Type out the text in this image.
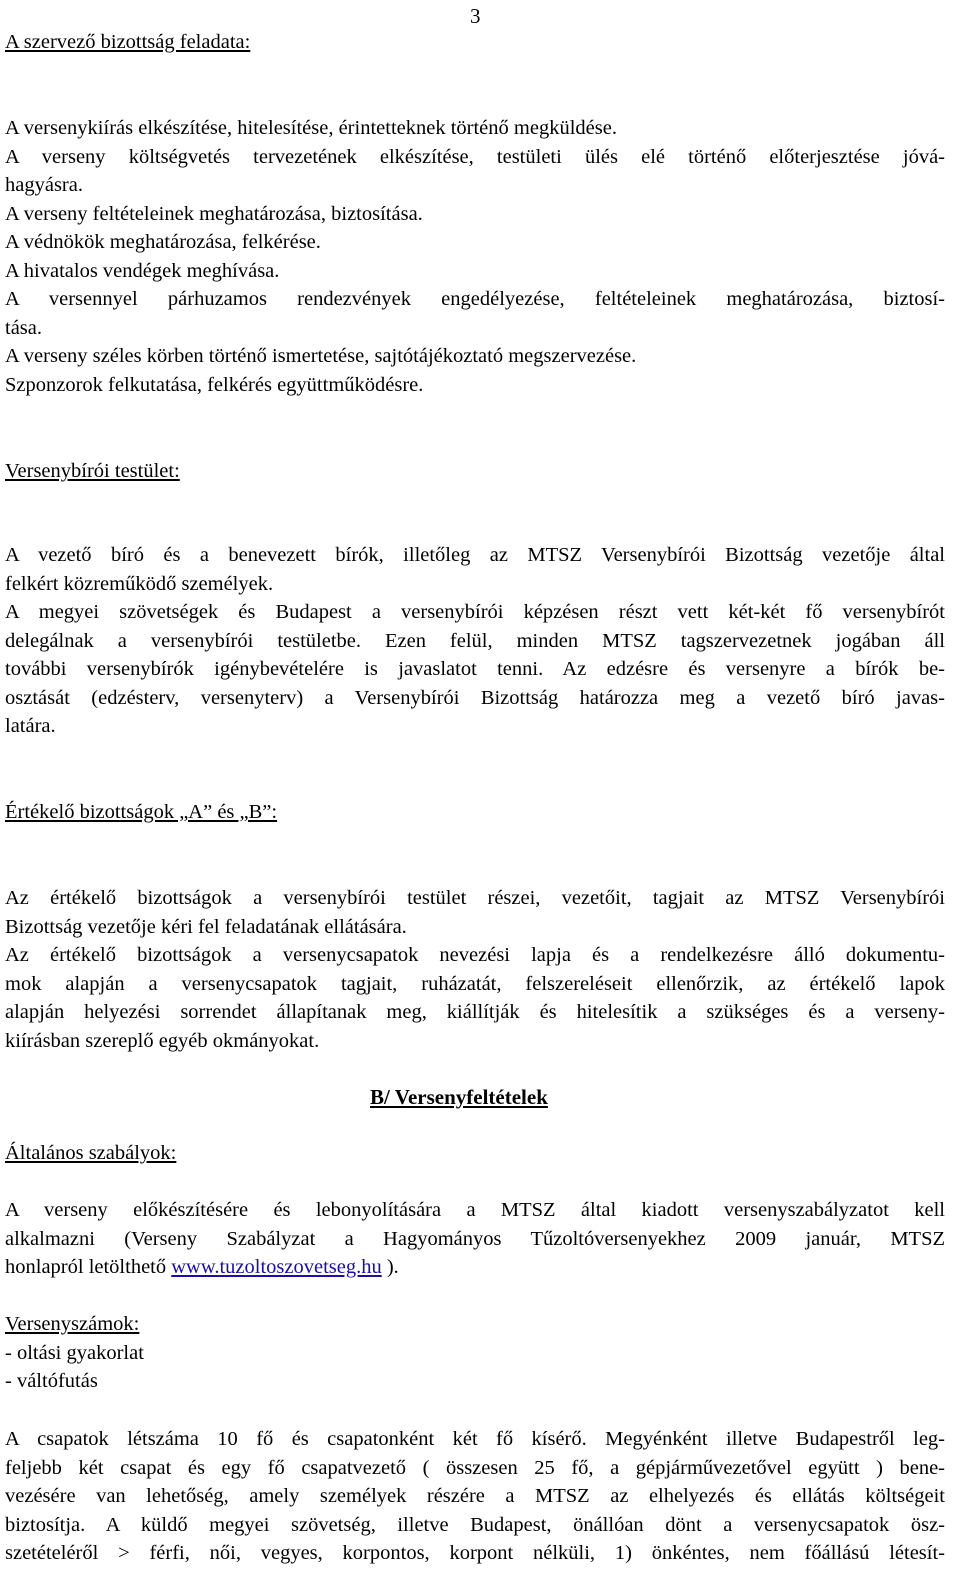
3
A szervező bizottság feladata:
A versenykiírás elkészítése, hitelesítése, érintetteknek történő megküldése.
A verseny költségvetés tervezetének elkészítése, testületi ülés elé történő előterjesztése jóvá-
hagyásra.
A verseny feltételeinek meghatározása, biztosítása.
A védnökök meghatározása, felkérése.
A hivatalos vendégek meghívása.
A versennyel párhuzamos rendezvények engedélyezése, feltételeinek meghatározása, biztosí-
tása.
A verseny széles körben történő ismertetése, sajtótájékoztató megszervezése.
Szponzorok felkutatása, felkérés együttműködésre.
Versenybírói testület:
A vezető bíró és a benevezett bírók, illetőleg az MTSZ Versenybírói Bizottság vezetője által
felkért közreműködő személyek.
A megyei szövetségek és Budapest a versenybírói képzésen részt vett két-két fő versenybírót
delegálnak a versenybírói testületbe. Ezen felül, minden MTSZ tagszervezetnek jogában áll
további versenybírók igénybevételére is javaslatot tenni. Az edzésre és versenyre a bírók be-
osztását (edzésterv, versenyterv) a Versenybírói Bizottság határozza meg a vezető bíró javas-
latára.
Értékelő bizottságok „A” és „B”:
Az értékelő bizottságok a versenybírói testület részei, vezetőit, tagjait az MTSZ Versenybírói
Bizottság vezetője kéri fel feladatának ellátására.
Az értékelő bizottságok a versenycsapatok nevezési lapja és a rendelkezésre álló dokumentu-
mok alapján a versenycsapatok tagjait, ruházatát, felszereléseit ellenőrzik, az értékelő lapok
alapján helyezési sorrendet állapítanak meg, kiállítják és hitelesítik a szükséges és a verseny-
kiírásban szereplő egyéb okmányokat.
B/ Versenyfeltételek
Általános szabályok:
A verseny előkészítésére és lebonyolítására a MTSZ által kiadott versenyszabályzatot kell
alkalmazni (Verseny Szabályzat a Hagyományos Tűzoltóversenyekhez 2009 január, MTSZ
honlapról letölthető www.tuzoltoszovetseg.hu ).
Versenyszámok:
- oltási gyakorlat
- váltófutás
A csapatok létszáma 10 fő és csapatonként két fő kísérő. Megyénként illetve Budapestről leg-
feljebb két csapat és egy fő csapatvezető ( összesen 25 fő, a gépjárművezetővel együtt ) bene-
vezésére van lehetőség, amely személyek részére a MTSZ az elhelyezés és ellátás költségeit
biztosítja. A küldő megyei szövetség, illetve Budapest, önállóan dönt a versenycsapatok ösz-
szetételéről > férfi, női, vegyes, korpontos, korpont nélküli, 1) önkéntes, nem főállású létesít-
